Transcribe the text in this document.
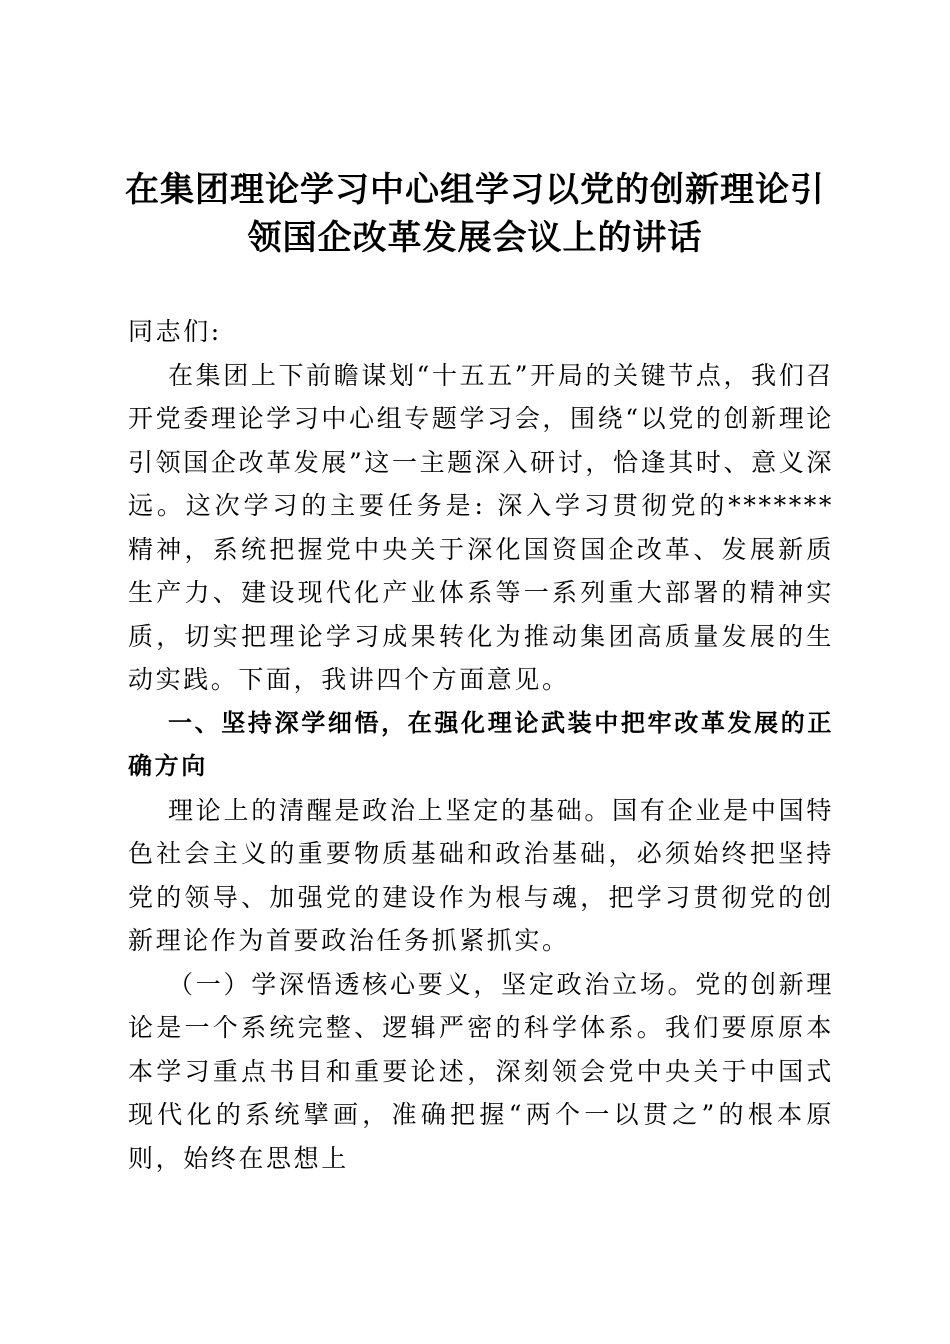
在集团理论学习中心组学习以党的创新理论引领国企改革发展会议上的讲话

同志们:

在集团上下前瞻谋划“十五五”开局的关键节点，我们召开党委理论学习中心组专题学习会，围绕“以党的创新理论引领国企改革发展”这一主题深入研讨，恰逢其时、意义深远。这次学习的主要任务是: 深入学习贯彻党的*******精神，系统把握党中央关于深化国资国企改革、发展新质生产力、建设现代化产业体系等一系列重大部署的精神实质，切实把理论学习成果转化为推动集团高质量发展的生动实践。下面，我讲四个方面意见。

一、坚持深学细悟，在强化理论武装中把牢改革发展的正确方向

理论上的清醒是政治上坚定的基础。国有企业是中国特色社会主义的重要物质基础和政治基础，必须始终把坚持党的领导、加强党的建设作为根与魂，把学习贯彻党的创新理论作为首要政治任务抓紧抓实。

（一）学深悟透核心要义，坚定政治立场。党的创新理论是一个系统完整、逻辑严密的科学体系。我们要原原本本学习重点书目和重要论述，深刻领会党中央关于中国式现代化的系统擘画，准确把握“两个一以贯之”的根本原则，始终在思想上
